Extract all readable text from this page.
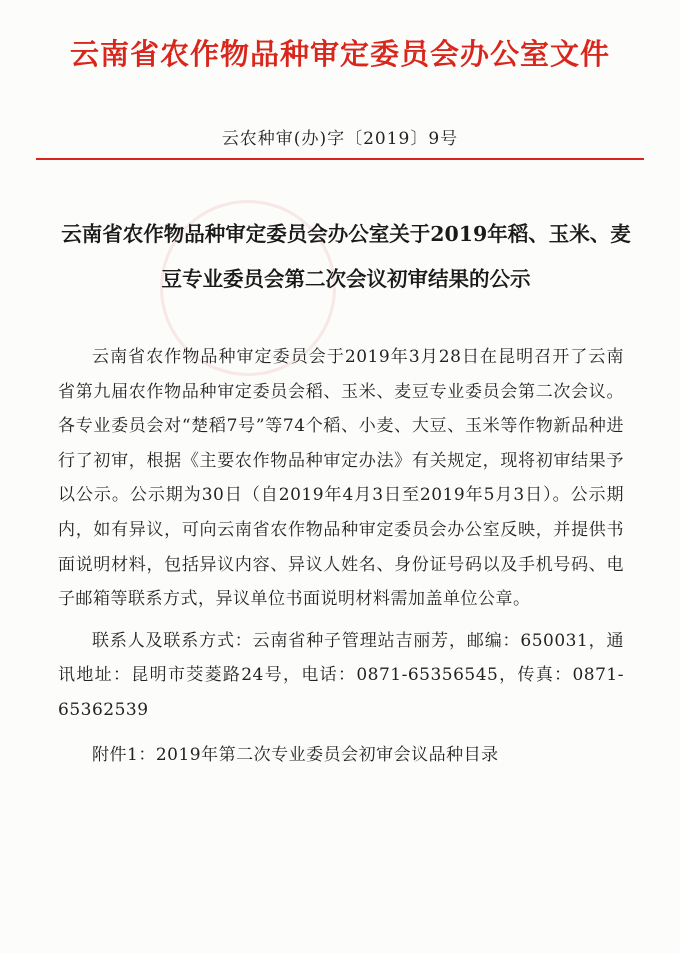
云南省农作物品种审定委员会办公室文件
云农种审(办)字〔2019〕9号
云南省农作物品种审定委员会办公室关于2019年稻、玉米、麦豆专业委员会第二次会议初审结果的公示

云南省农作物品种审定委员会于2019年3月28日在昆明召开了云南省第九届农作物品种审定委员会稻、玉米、麦豆专业委员会第二次会议。各专业委员会对“楚稻7号”等74个稻、小麦、大豆、玉米等作物新品种进行了初审，根据《主要农作物品种审定办法》有关规定，现将初审结果予以公示。公示期为30日（自2019年4月3日至2019年5月3日）。公示期内，如有异议，可向云南省农作物品种审定委员会办公室反映，并提供书面说明材料，包括异议内容、异议人姓名、身份证号码以及手机号码、电子邮箱等联系方式，异议单位书面说明材料需加盖单位公章。

联系人及联系方式：云南省种子管理站吉丽芳，邮编：650031，通讯地址：昆明市茭菱路24号，电话：0871-65356545，传真：0871-65362539

附件1：2019年第二次专业委员会初审会议品种目录
